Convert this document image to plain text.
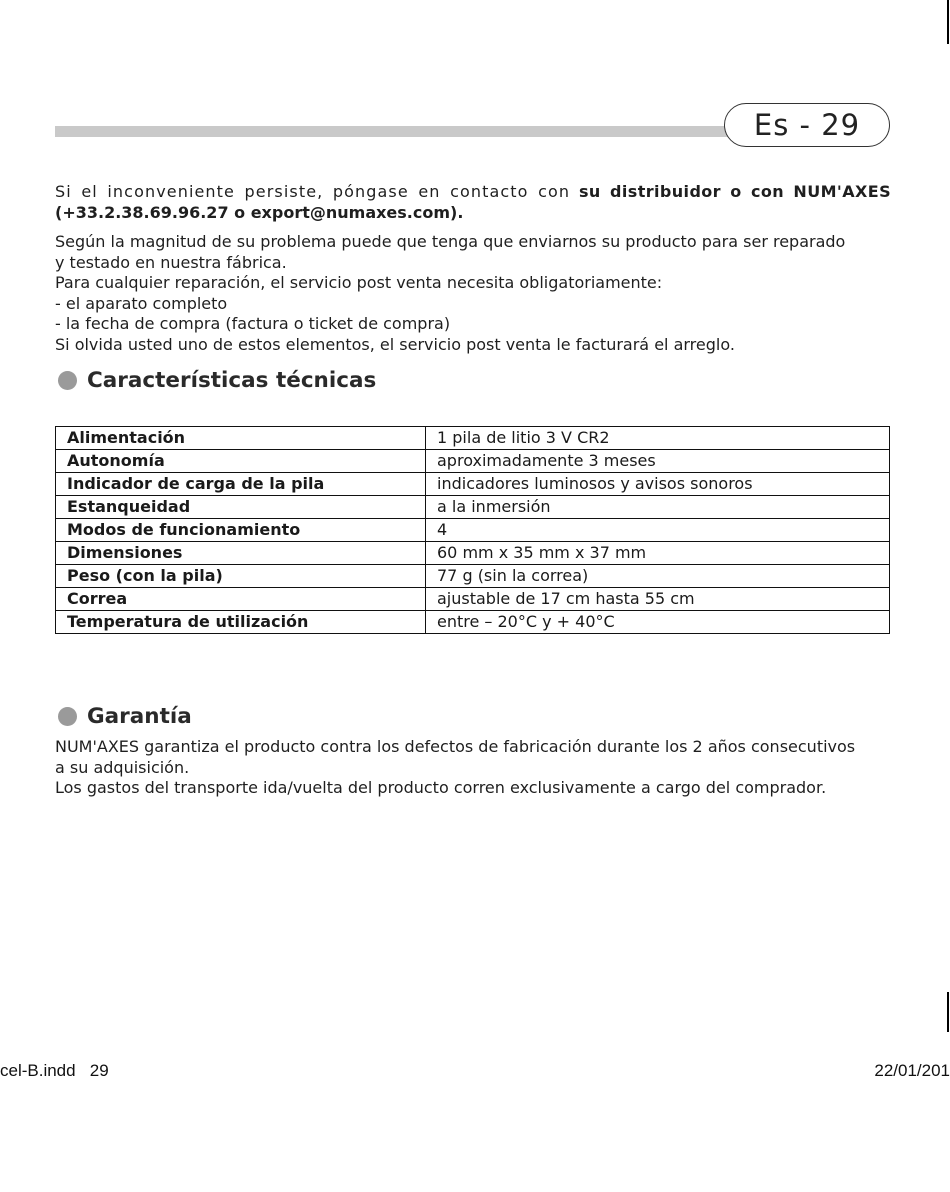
Es - 29
Si el inconveniente persiste, póngase en contacto con su distribuidor o con NUM'AXES
(+33.2.38.69.96.27 o export@numaxes.com).
Según la magnitud de su problema puede que tenga que enviarnos su producto para ser reparado
y testado en nuestra fábrica.
Para cualquier reparación, el servicio post venta necesita obligatoriamente:
- el aparato completo
- la fecha de compra (factura o ticket de compra)
Si olvida usted uno de estos elementos, el servicio post venta le facturará el arreglo.
Características técnicas
Alimentación	1 pila de litio 3 V CR2
Autonomía	aproximadamente 3 meses
Indicador de carga de la pila	indicadores luminosos y avisos sonoros
Estanqueidad	a la inmersión
Modos de funcionamiento	4
Dimensiones	60 mm x 35 mm x 37 mm
Peso (con la pila)	77 g (sin la correa)
Correa	ajustable de 17 cm hasta 55 cm
Temperatura de utilización	entre – 20°C y + 40°C
Garantía
NUM'AXES garantiza el producto contra los defectos de fabricación durante los 2 años consecutivos
a su adquisición.
Los gastos del transporte ida/vuelta del producto corren exclusivamente a cargo del comprador.
cel-B.indd   29	22/01/201
